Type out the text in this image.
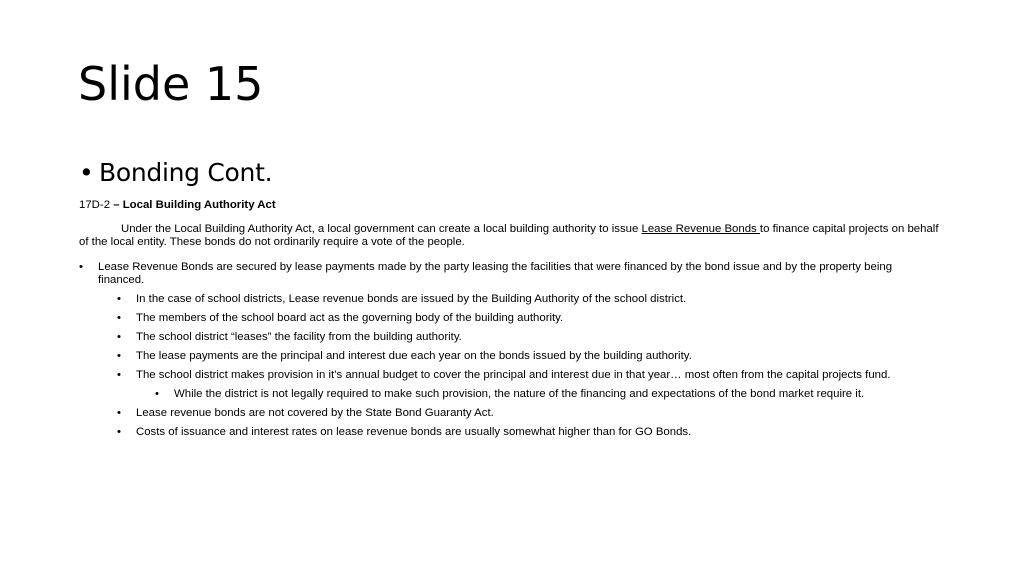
Slide 15
• Bonding Cont.
17D-2 – Local Building Authority Act
Under the Local Building Authority Act, a local government can create a local building authority to issue Lease Revenue Bonds to finance capital projects on behalf of the local entity. These bonds do not ordinarily require a vote of the people.
• Lease Revenue Bonds are secured by lease payments made by the party leasing the facilities that were financed by the bond issue and by the property being financed.
• In the case of school districts, Lease revenue bonds are issued by the Building Authority of the school district.
• The members of the school board act as the governing body of the building authority.
• The school district “leases” the facility from the building authority.
• The lease payments are the principal and interest due each year on the bonds issued by the building authority.
• The school district makes provision in it’s annual budget to cover the principal and interest due in that year… most often from the capital projects fund.
• While the district is not legally required to make such provision, the nature of the financing and expectations of the bond market require it.
• Lease revenue bonds are not covered by the State Bond Guaranty Act.
• Costs of issuance and interest rates on lease revenue bonds are usually somewhat higher than for GO Bonds.
